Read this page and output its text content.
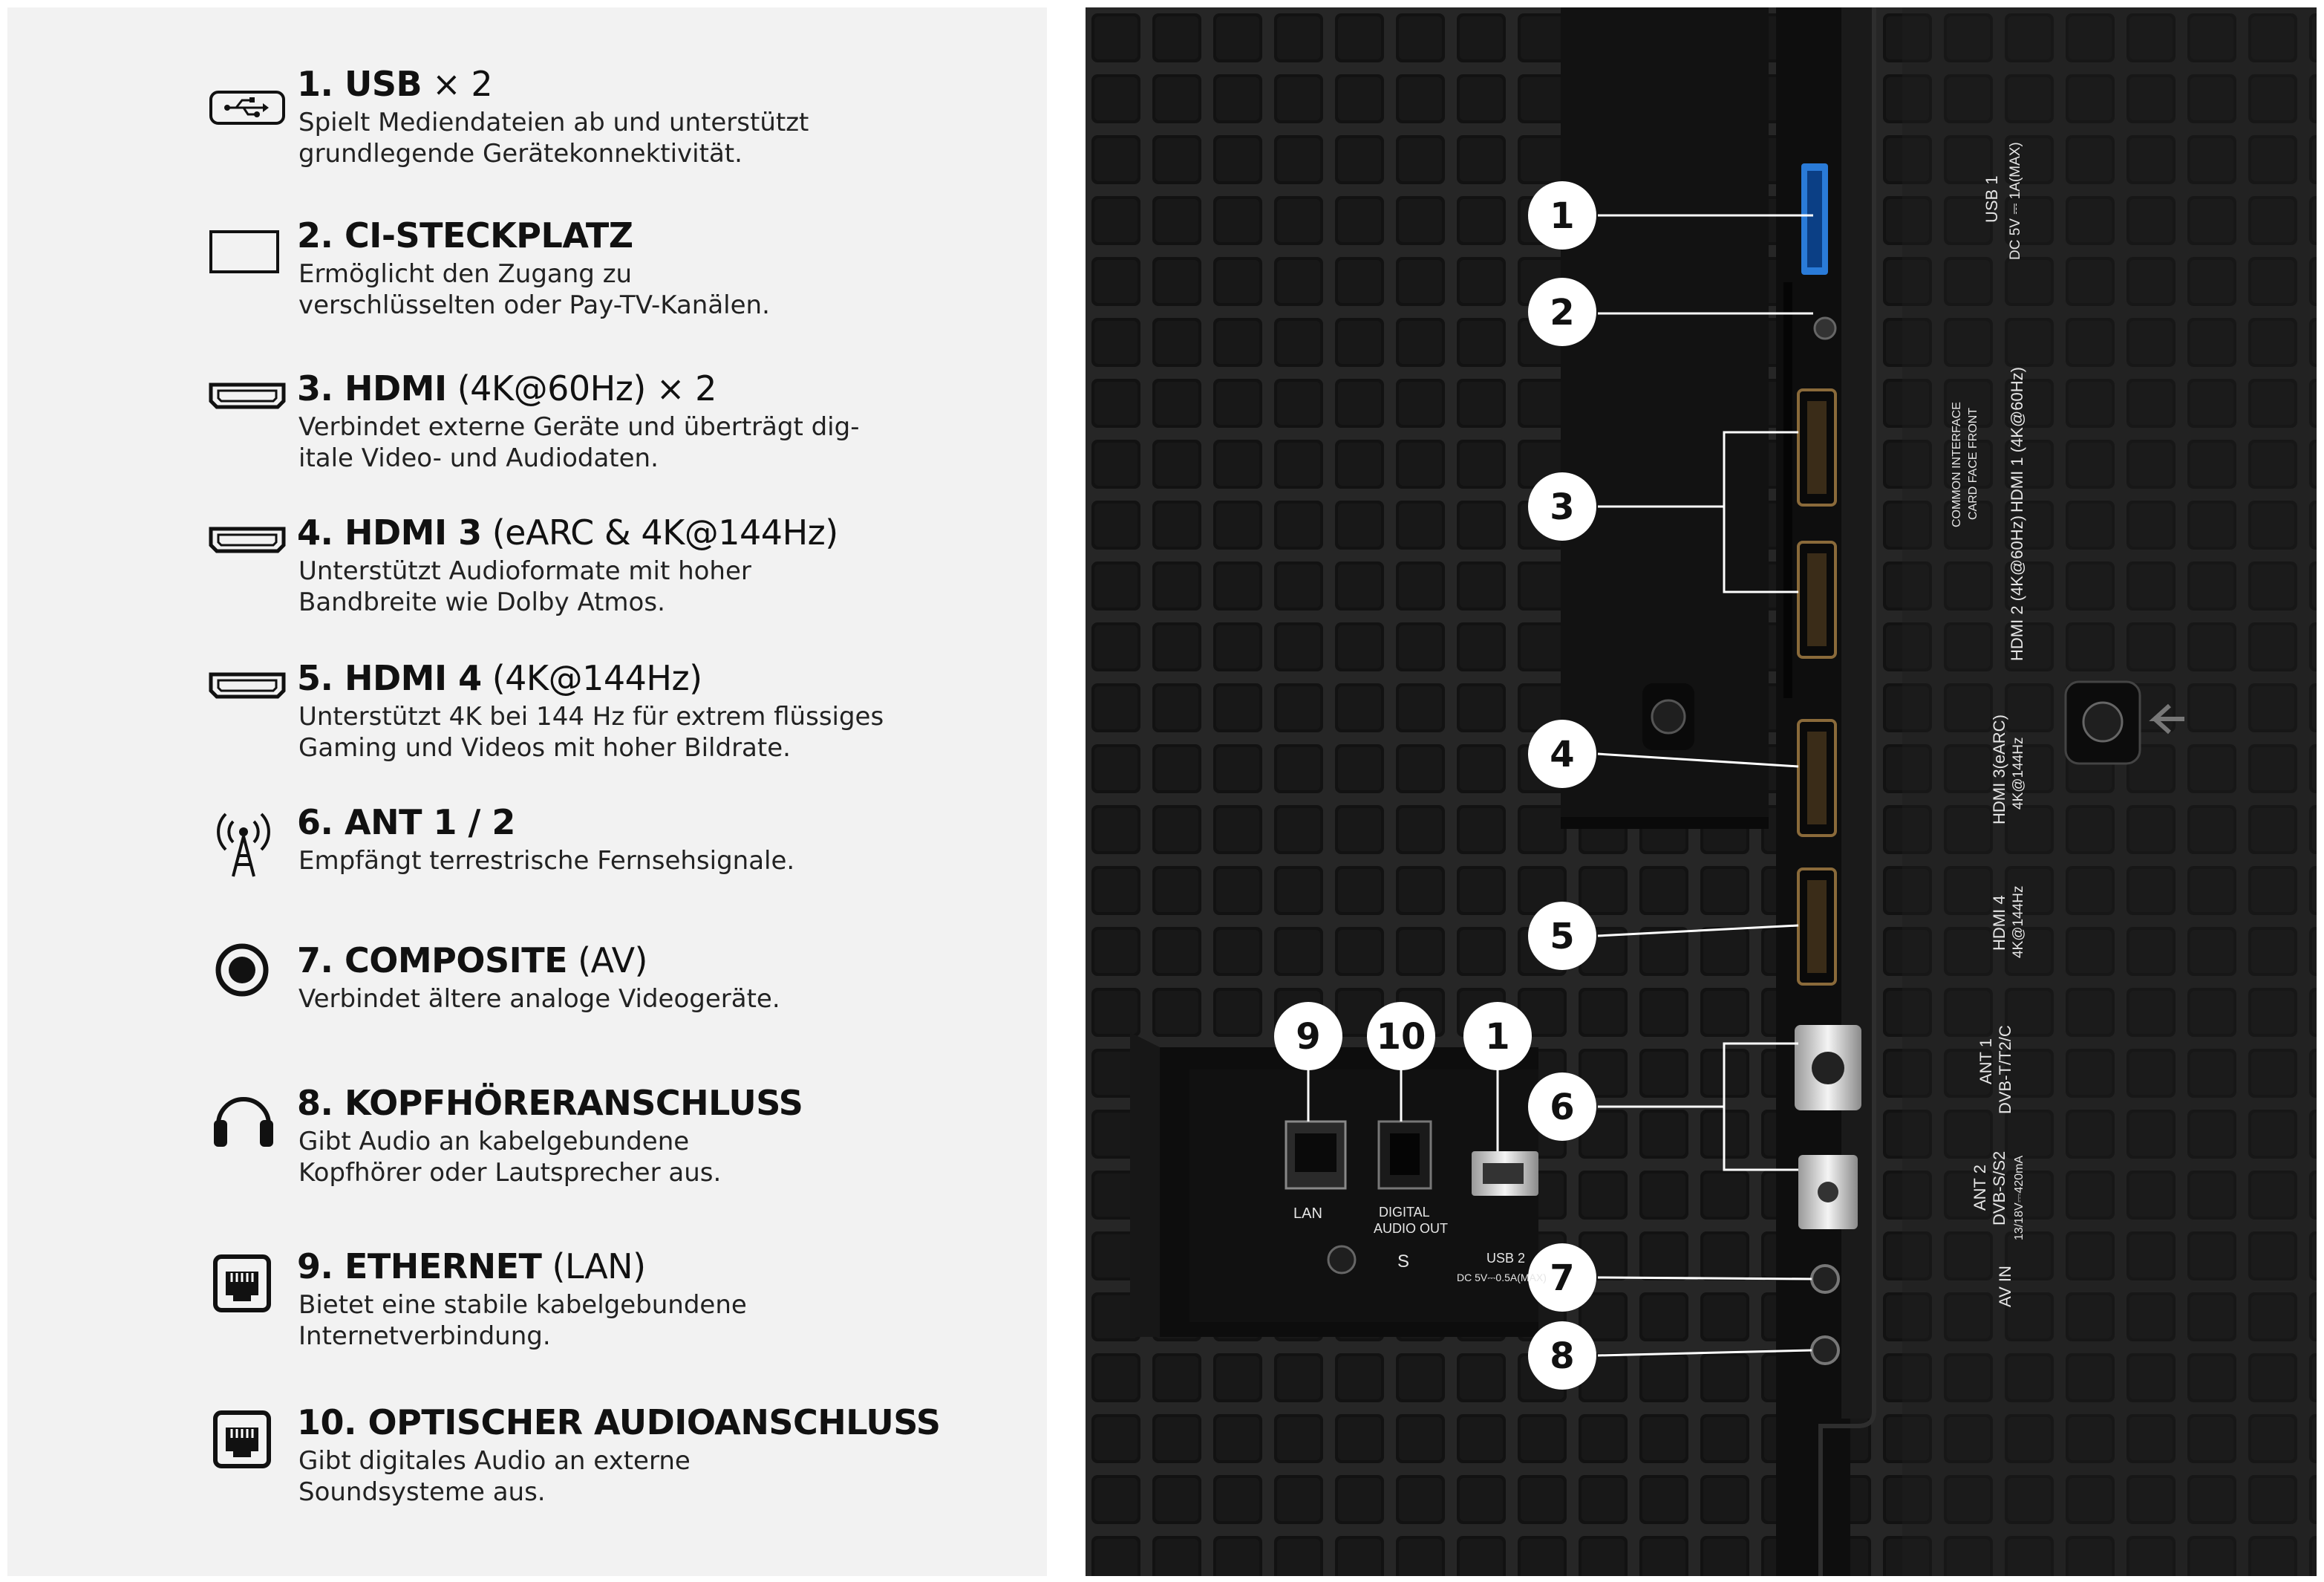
1. USB × 2
Spielt Mediendateien ab und unterstützt
grundlegende Gerätekonnektivität.
2. CI-STECKPLATZ
Ermöglicht den Zugang zu
verschlüsselten oder Pay-TV-Kanälen.
3. HDMI (4K@60Hz) × 2
Verbindet externe Geräte und überträgt dig-
itale Video- und Audiodaten.
4. HDMI 3 (eARC & 4K@144Hz)
Unterstützt Audioformate mit hoher
Bandbreite wie Dolby Atmos.
5. HDMI 4 (4K@144Hz)
Unterstützt 4K bei 144 Hz für extrem flüssiges
Gaming und Videos mit hoher Bildrate.
6. ANT 1 / 2
Empfängt terrestrische Fernsehsignale.
7. COMPOSITE (AV)
Verbindet ältere analoge Videogeräte.
8. KOPFHÖRERANSCHLUSS
Gibt Audio an kabelgebundene
Kopfhörer oder Lautsprecher aus.
9. ETHERNET (LAN)
Bietet eine stabile kabelgebundene
Internetverbindung.
10. OPTISCHER AUDIOANSCHLUSS
Gibt digitales Audio an externe
Soundsysteme aus.
1
2
3
4
5
6
7
8
9 10 1
USB 1 DC 5V ⎓ 1A(MAX)
COMMON INTERFACE CARD FACE FRONT HDMI 1 (4K@60Hz)
HDMI 2 (4K@60Hz)
HDMI 3(eARC) 4K@144Hz
HDMI 4 4K@144Hz
ANT 1 DVB-T/T2/C
ANT 2 DVB-S/S2 13/18V⎓420mA
AV IN
LAN	DIGITAL
AUDIO OUT
USB 2
DC 5V⎓0.5A(MAX)
S
